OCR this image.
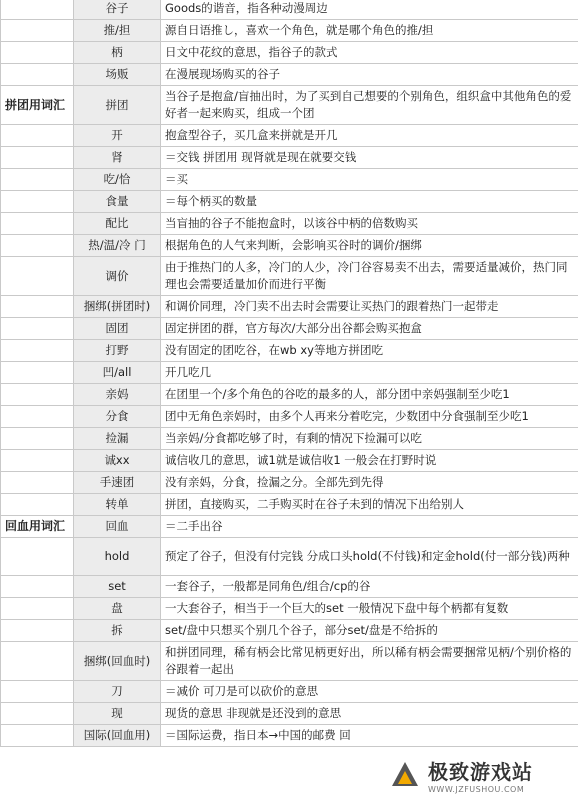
	谷子	Goods的谐音，指各种动漫周边
	推/担	源自日语推し，喜欢一个角色，就是哪个角色的推/担
	柄	日文中花纹的意思，指谷子的款式
	场贩	在漫展现场购买的谷子
拼团用词汇	拼团	当谷子是抱盒/盲抽出时，为了买到自己想要的个别角色，组织盒中其他角色的爱好者一起来购买，组成一个团
	开	抱盒型谷子，买几盒来拼就是开几
	肾	＝交钱 拼团用 现肾就是现在就要交钱
	吃/恰	＝买
	食量	＝每个柄买的数量
	配比	当盲抽的谷子不能抱盒时，以该谷中柄的倍数购买
	热/温/冷 门	根据角色的人气来判断，会影响买谷时的调价/捆绑
	调价	由于推热门的人多，冷门的人少，冷门谷容易卖不出去，需要适量减价，热门同理也会需要适量加价而进行平衡
	捆绑(拼团时)	和调价同理，冷门卖不出去时会需要让买热门的跟着热门一起带走
	固团	固定拼团的群，官方每次/大部分出谷都会购买抱盒
	打野	没有固定的团吃谷，在wb xy等地方拼团吃
	凹/all	开几吃几
	亲妈	在团里一个/多个角色的谷吃的最多的人，部分团中亲妈强制至少吃1
	分食	团中无角色亲妈时，由多个人再来分着吃完，少数团中分食强制至少吃1
	捡漏	当亲妈/分食都吃够了时，有剩的情况下捡漏可以吃
	诚xx	诚信收几的意思，诚1就是诚信收1 一般会在打野时说
	手速团	没有亲妈，分食，捡漏之分。全部先到先得
	转单	拼团，直接购买，二手购买时在谷子未到的情况下出给别人
回血用词汇	回血	＝二手出谷
	hold	预定了谷子，但没有付完钱 分成口头hold(不付钱)和定金hold(付一部分钱)两种
	set	一套谷子，一般都是同角色/组合/cp的谷
	盘	一大套谷子，相当于一个巨大的set 一般情况下盘中每个柄都有复数
	拆	set/盘中只想买个别几个谷子，部分set/盘是不给拆的
	捆绑(回血时)	和拼团同理，稀有柄会比常见柄更好出，所以稀有柄会需要捆常见柄/个别价格的谷跟着一起出
	刀	＝减价 可刀是可以砍价的意思
	现	现货的意思 非现就是还没到的意思
	国际(回血用)	＝国际运费，指日本→中国的邮费 回
极致游戏站
WWW.JZFUSHOU.COM
